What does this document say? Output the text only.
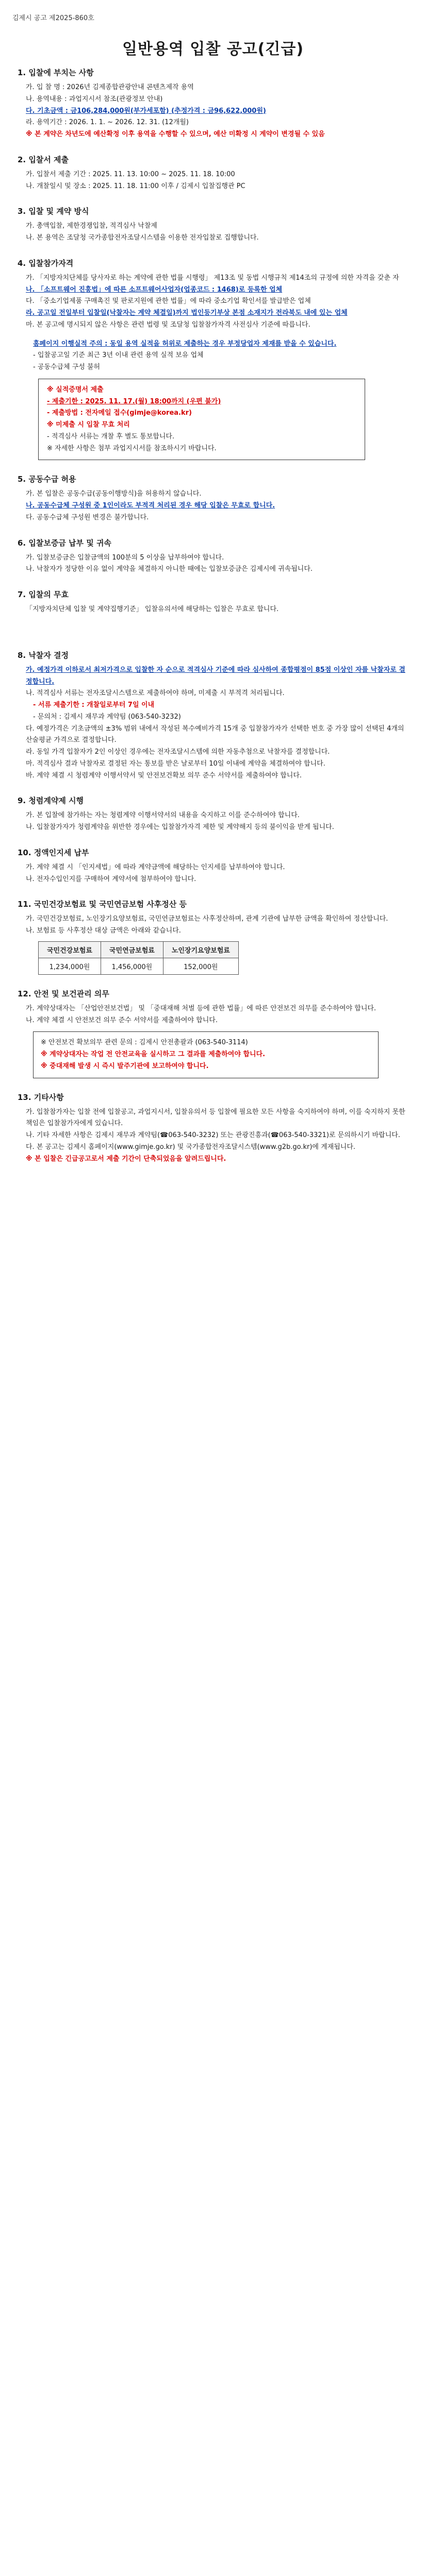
김제시 공고 제2025-860호
일반용역 입찰 공고(긴급)
1. 입찰에 부치는 사항
가. 입 찰 명 : 2026년 김제종합관광안내 콘텐츠제작 용역
나. 용역내용 : 과업지시서 참조(관광정보 안내)
다. 기초금액 : 금106,284,000원(부가세포함) (추정가격 : 금96,622,000원)
라. 용역기간 : 2026. 1. 1. ~ 2026. 12. 31. (12개월)
※ 본 계약은 차년도에 예산확정 이후 용역을 수행할 수 있으며, 예산 미확정 시 계약이 변경될 수 있음
2. 입찰서 제출
가. 입찰서 제출 기간 : 2025. 11. 13. 10:00 ~ 2025. 11. 18. 10:00
나. 개찰일시 및 장소 : 2025. 11. 18. 11:00 이후 / 김제시 입찰집행관 PC
3. 입찰 및 계약 방식
가. 총액입찰, 제한경쟁입찰, 적격심사 낙찰제
나. 본 용역은 조달청 국가종합전자조달시스템을 이용한 전자입찰로 집행합니다.
4. 입찰참가자격
가. 「지방자치단체를 당사자로 하는 계약에 관한 법률 시행령」 제13조 및 동법 시행규칙 제14조의 규정에 의한 자격을 갖춘 자
나. 「소프트웨어 진흥법」에 따른 소프트웨어사업자(업종코드 : 1468)로 등록한 업체
다. 「중소기업제품 구매촉진 및 판로지원에 관한 법률」에 따라 중소기업 확인서를 발급받은 업체
라. 공고일 전일부터 입찰일(낙찰자는 계약 체결일)까지 법인등기부상 본점 소재지가 전라북도 내에 있는 업체
마. 본 공고에 명시되지 않은 사항은 관련 법령 및 조달청 입찰참가자격 사전심사 기준에 따릅니다.
홈페이지 이행실적 주의 : 동일 용역 실적을 허위로 제출하는 경우 부정당업자 제재를 받을 수 있습니다.
- 입찰공고일 기준 최근 3년 이내 관련 용역 실적 보유 업체
- 공동수급체 구성 불허
※ 실적증명서 제출
- 제출기한 : 2025. 11. 17.(월) 18:00까지 (우편 불가)
- 제출방법 : 전자메일 접수(gimje@korea.kr)
※ 미제출 시 입찰 무효 처리
- 적격심사 서류는 개찰 후 별도 통보합니다.
※ 자세한 사항은 첨부 과업지시서를 참조하시기 바랍니다.
5. 공동수급 허용
가. 본 입찰은 공동수급(공동이행방식)을 허용하지 않습니다.
나. 공동수급체 구성원 중 1인이라도 부적격 처리된 경우 해당 입찰은 무효로 합니다.
다. 공동수급체 구성원 변경은 불가합니다.
6. 입찰보증금 납부 및 귀속
가. 입찰보증금은 입찰금액의 100분의 5 이상을 납부하여야 합니다.
나. 낙찰자가 정당한 이유 없이 계약을 체결하지 아니한 때에는 입찰보증금은 김제시에 귀속됩니다.
7. 입찰의 무효
「지방자치단체 입찰 및 계약집행기준」 입찰유의서에 해당하는 입찰은 무효로 합니다.
8. 낙찰자 결정
가. 예정가격 이하로서 최저가격으로 입찰한 자 순으로 적격심사 기준에 따라 심사하여 종합평점이 85점 이상인 자를 낙찰자로 결정합니다.
나. 적격심사 서류는 전자조달시스템으로 제출하여야 하며, 미제출 시 부적격 처리됩니다.
- 서류 제출기한 : 개찰일로부터 7일 이내
- 문의처 : 김제시 재무과 계약팀 (063-540-3232)
다. 예정가격은 기초금액의 ±3% 범위 내에서 작성된 복수예비가격 15개 중 입찰참가자가 선택한 번호 중 가장 많이 선택된 4개의 산술평균 가격으로 결정합니다.
라. 동일 가격 입찰자가 2인 이상인 경우에는 전자조달시스템에 의한 자동추첨으로 낙찰자를 결정합니다.
마. 적격심사 결과 낙찰자로 결정된 자는 통보를 받은 날로부터 10일 이내에 계약을 체결하여야 합니다.
바. 계약 체결 시 청렴계약 이행서약서 및 안전보건확보 의무 준수 서약서를 제출하여야 합니다.
9. 청렴계약제 시행
가. 본 입찰에 참가하는 자는 청렴계약 이행서약서의 내용을 숙지하고 이를 준수하여야 합니다.
나. 입찰참가자가 청렴계약을 위반한 경우에는 입찰참가자격 제한 및 계약해지 등의 불이익을 받게 됩니다.
10. 정액인지세 납부
가. 계약 체결 시 「인지세법」에 따라 계약금액에 해당하는 인지세를 납부하여야 합니다.
나. 전자수입인지를 구매하여 계약서에 첨부하여야 합니다.
11. 국민건강보험료 및 국민연금보험 사후정산 등
가. 국민건강보험료, 노인장기요양보험료, 국민연금보험료는 사후정산하며, 관계 기관에 납부한 금액을 확인하여 정산합니다.
나. 보험료 등 사후정산 대상 금액은 아래와 같습니다.
국민건강보험료	국민연금보험료	노인장기요양보험료
1,234,000원	1,456,000원	152,000원
12. 안전 및 보건관리 의무
가. 계약상대자는 「산업안전보건법」 및 「중대재해 처벌 등에 관한 법률」에 따른 안전보건 의무를 준수하여야 합니다.
나. 계약 체결 시 안전보건 의무 준수 서약서를 제출하여야 합니다.
※ 안전보건 확보의무 관련 문의 : 김제시 안전총괄과 (063-540-3114)
※ 계약상대자는 작업 전 안전교육을 실시하고 그 결과를 제출하여야 합니다.
※ 중대재해 발생 시 즉시 발주기관에 보고하여야 합니다.
13. 기타사항
가. 입찰참가자는 입찰 전에 입찰공고, 과업지시서, 입찰유의서 등 입찰에 필요한 모든 사항을 숙지하여야 하며, 이를 숙지하지 못한 책임은 입찰참가자에게 있습니다.
나. 기타 자세한 사항은 김제시 재무과 계약팀(☎063-540-3232) 또는 관광진흥과(☎063-540-3321)로 문의하시기 바랍니다.
다. 본 공고는 김제시 홈페이지(www.gimje.go.kr) 및 국가종합전자조달시스템(www.g2b.go.kr)에 게재됩니다.
※ 본 입찰은 긴급공고로서 제출 기간이 단축되었음을 알려드립니다.
